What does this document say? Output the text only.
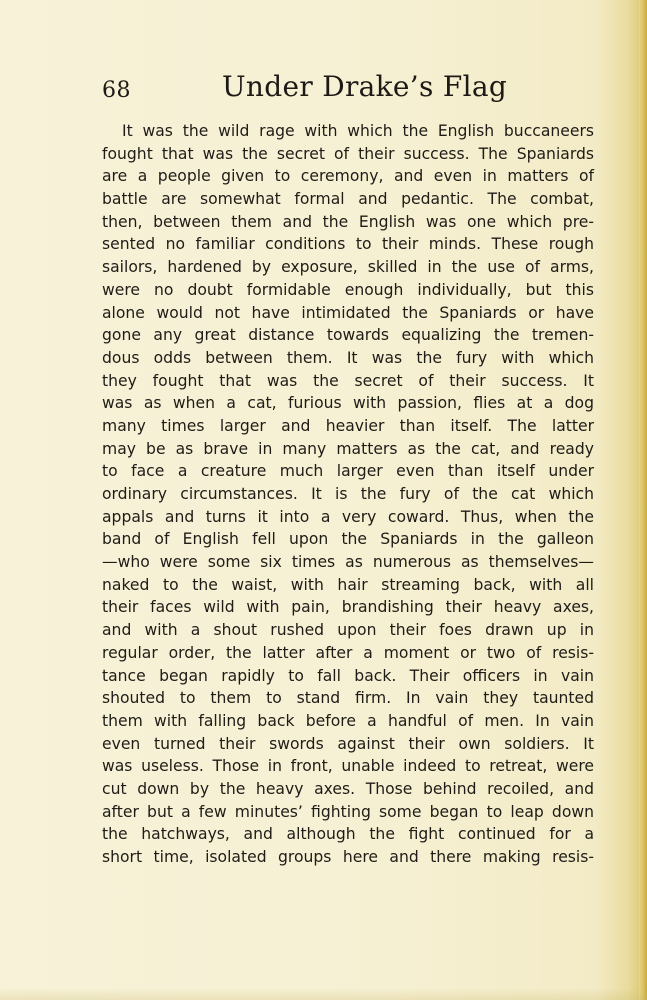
68	Under Drake’s Flag
It was the wild rage with which the English buccaneers
fought that was the secret of their success. The Spaniards
are a people given to ceremony, and even in matters of
battle are somewhat formal and pedantic. The combat,
then, between them and the English was one which pre-
sented no familiar conditions to their minds. These rough
sailors, hardened by exposure, skilled in the use of arms,
were no doubt formidable enough individually, but this
alone would not have intimidated the Spaniards or have
gone any great distance towards equalizing the tremen-
dous odds between them. It was the fury with which
they fought that was the secret of their success. It
was as when a cat, furious with passion, flies at a dog
many times larger and heavier than itself. The latter
may be as brave in many matters as the cat, and ready
to face a creature much larger even than itself under
ordinary circumstances. It is the fury of the cat which
appals and turns it into a very coward. Thus, when the
band of English fell upon the Spaniards in the galleon
—who were some six times as numerous as themselves—
naked to the waist, with hair streaming back, with all
their faces wild with pain, brandishing their heavy axes,
and with a shout rushed upon their foes drawn up in
regular order, the latter after a moment or two of resis-
tance began rapidly to fall back. Their officers in vain
shouted to them to stand firm. In vain they taunted
them with falling back before a handful of men. In vain
even turned their swords against their own soldiers. It
was useless. Those in front, unable indeed to retreat, were
cut down by the heavy axes. Those behind recoiled, and
after but a few minutes’ fighting some began to leap down
the hatchways, and although the fight continued for a
short time, isolated groups here and there making resis-
